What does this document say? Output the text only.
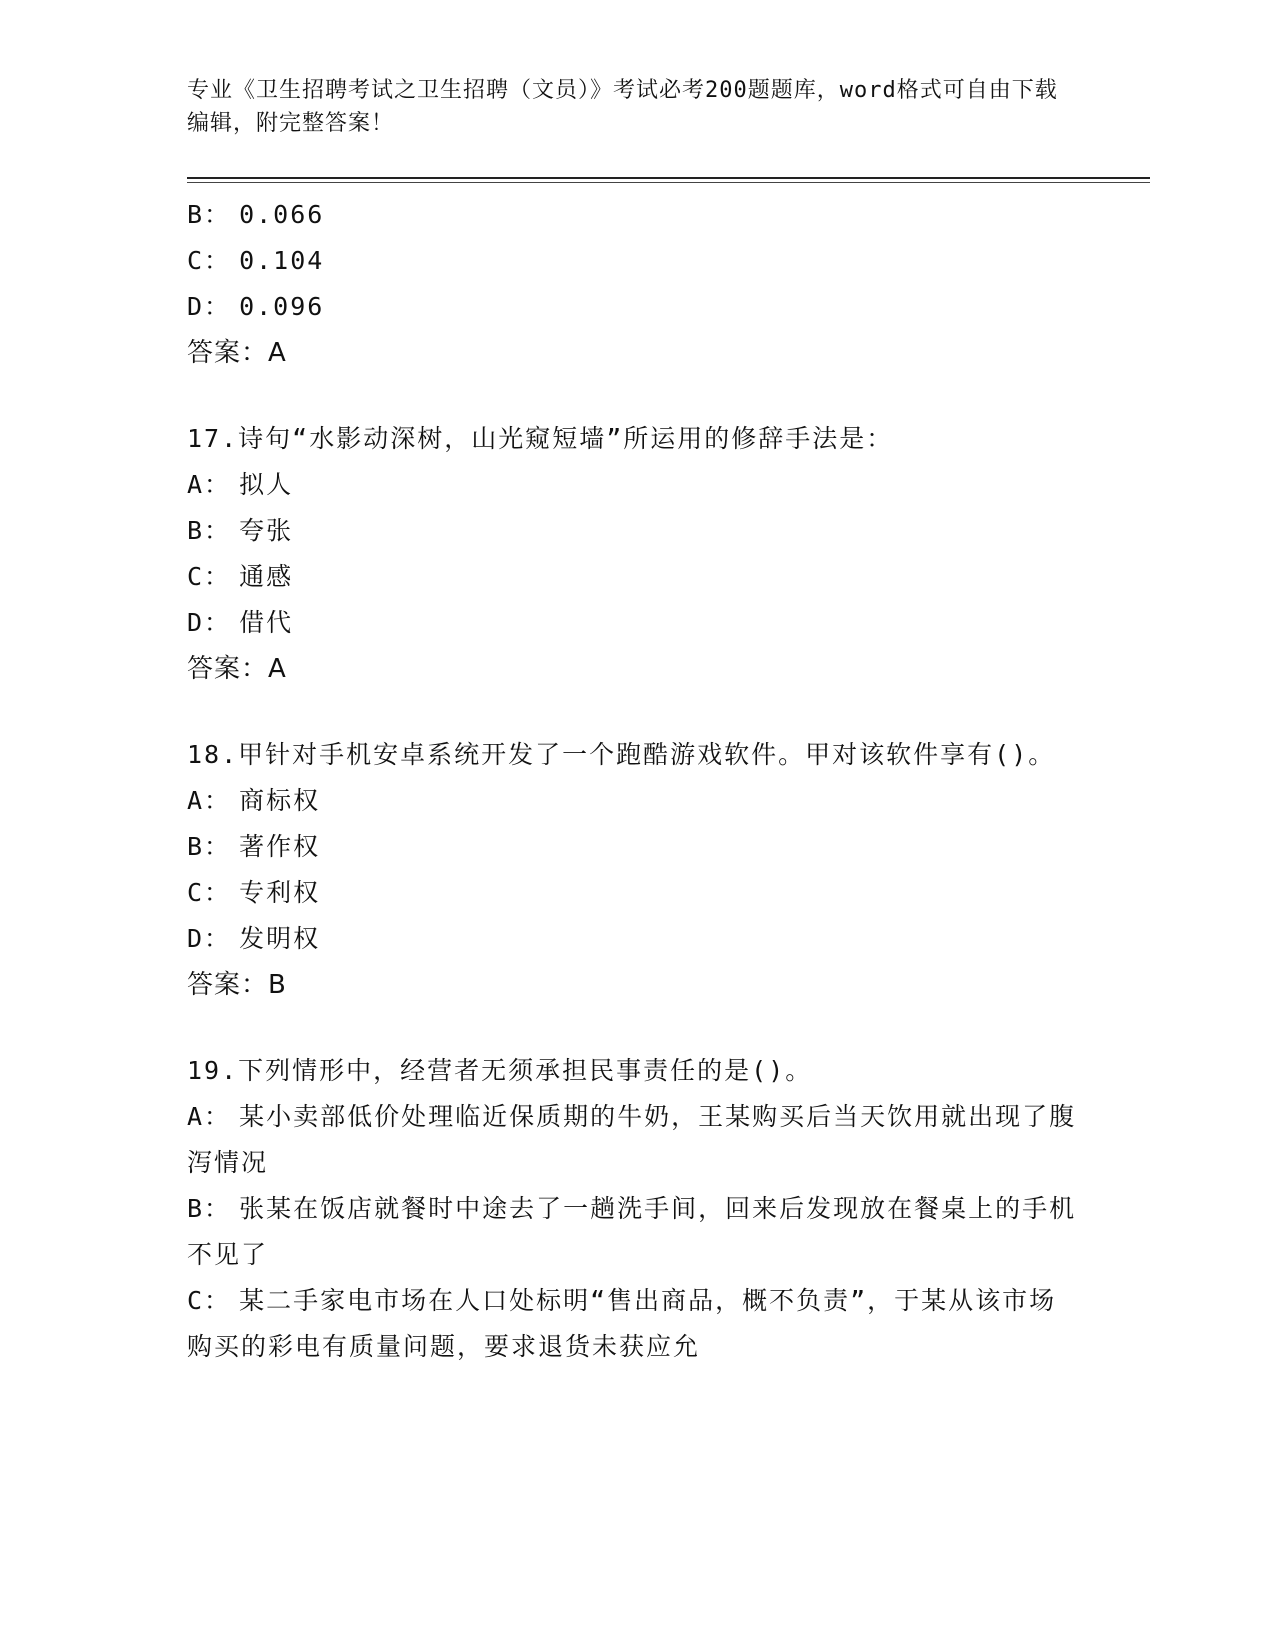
专业《卫生招聘考试之卫生招聘（文员）》考试必考200题题库，word格式可自由下载编辑，附完整答案！
B： 0.066
C： 0.104
D： 0.096
答案：A
17.诗句“水影动深树，山光窥短墙”所运用的修辞手法是：
A： 拟人
B： 夸张
C： 通感
D： 借代
答案：A
18.甲针对手机安卓系统开发了一个跑酷游戏软件。甲对该软件享有()。
A： 商标权
B： 著作权
C： 专利权
D： 发明权
答案：B
19.下列情形中，经营者无须承担民事责任的是()。
A： 某小卖部低价处理临近保质期的牛奶，王某购买后当天饮用就出现了腹泻情况
B： 张某在饭店就餐时中途去了一趟洗手间，回来后发现放在餐桌上的手机不见了
C： 某二手家电市场在人口处标明“售出商品，概不负责”，于某从该市场购买的彩电有质量问题，要求退货未获应允
